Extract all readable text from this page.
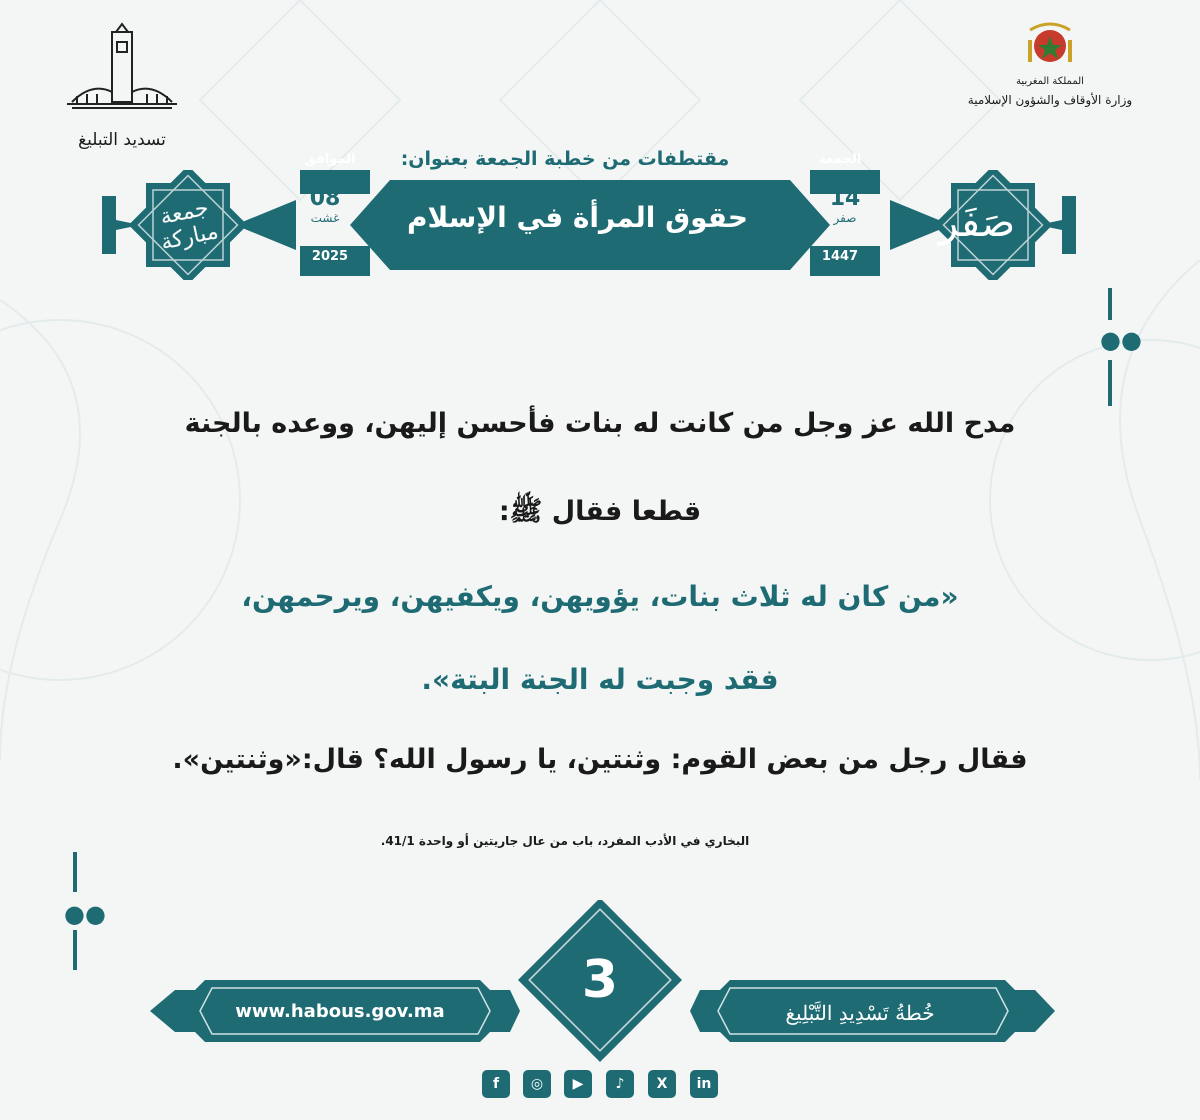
تسديد التبليغ
المملكة المغربية
وزارة الأوقاف والشؤون الإسلامية
مقتطفات من خطبة الجمعة بعنوان:
جمعة مباركة	صَفَر
حقوق المرأة في الإسلام
الموافق
08
غشت
2025
الجمعة
14
صفر
1447
●●
●●
مدح الله عز وجل من كانت له بنات فأحسن إليهن، ووعده بالجنة
قطعا فقال ﷺ:
«من كان له ثلاث بنات، يؤويهن، ويكفيهن، ويرحمهن،
فقد وجبت له الجنة البتة».
فقال رجل من بعض القوم: وثنتين، يا رسول الله؟ قال:«وثنتين».
البخاري في الأدب المفرد، باب من عال جاريتين أو واحدة 41/1.
www.habous.gov.ma
3
خُطةُ تَسْدِيدِ التَّبْلِيغ
f	◎	▶	♪	X	in
